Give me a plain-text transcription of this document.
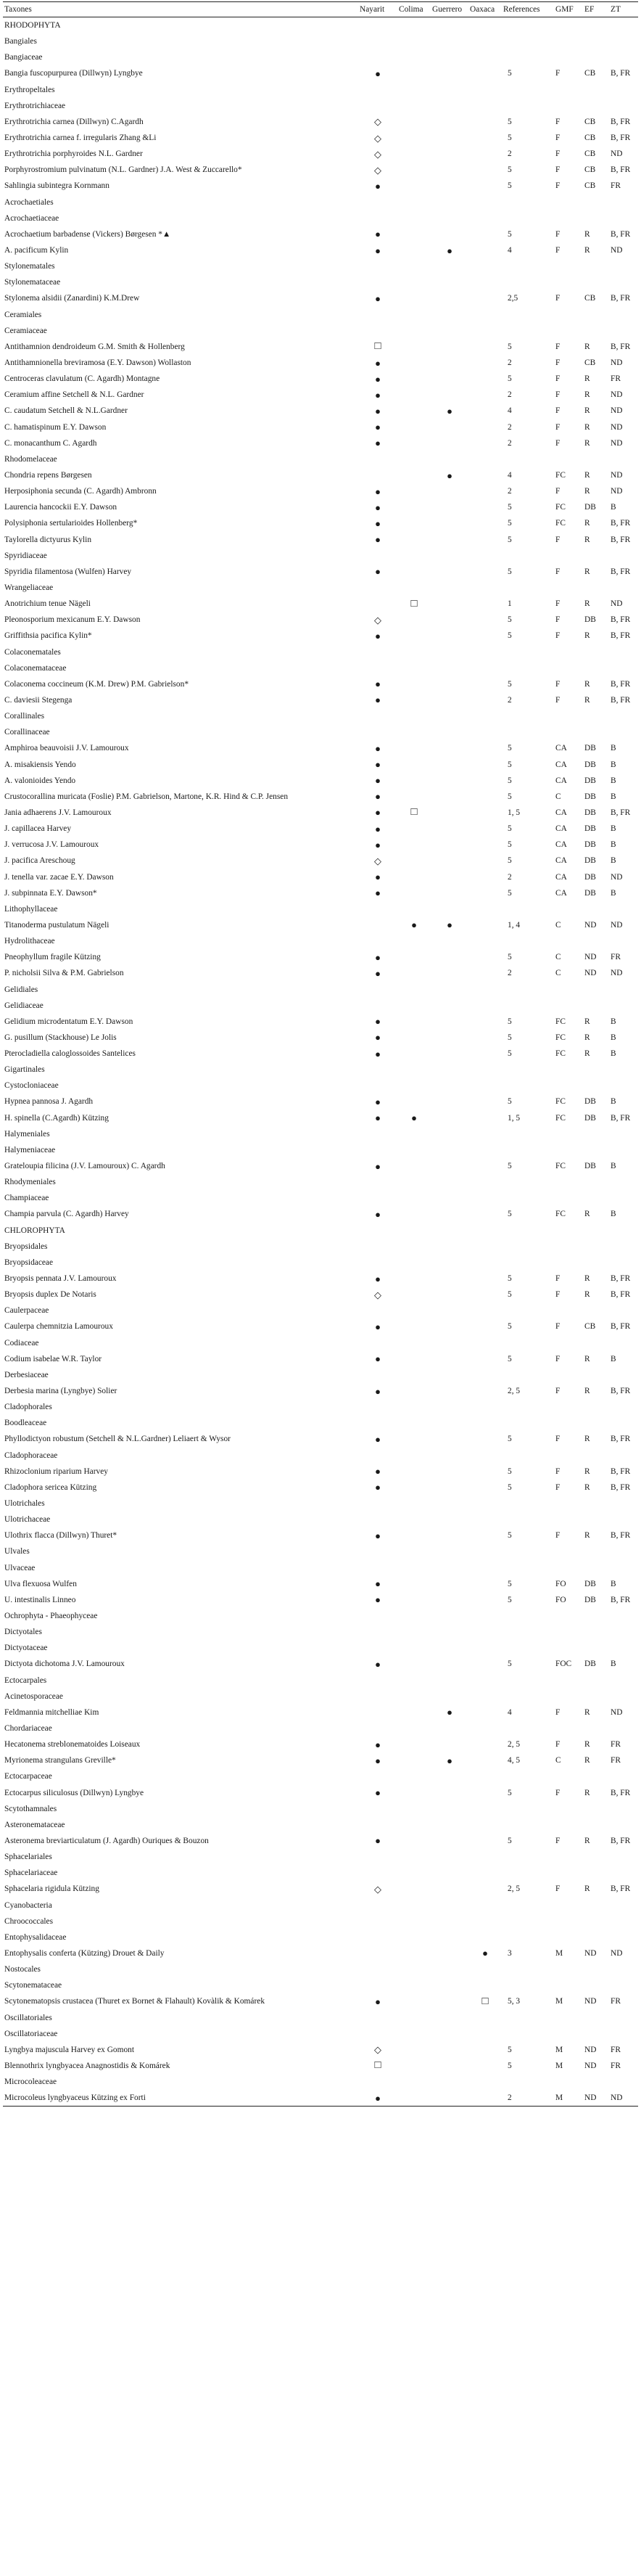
Taxones	Nayarit	Colima	Guerrero	Oaxaca	References	GMF	EF	ZT
RHODOPHYTA								
Bangiales								
Bangiaceae								
Bangia fuscopurpurea (Dillwyn) Lyngbye	●				5	F	CB	B, FR
Erythropeltales								
Erythrotrichiaceae								
Erythrotrichia carnea (Dillwyn) C.Agardh	◇				5	F	CB	B, FR
Erythrotrichia carnea f. irregularis Zhang &Li	◇				5	F	CB	B, FR
Erythrotrichia porphyroides N.L. Gardner	◇				2	F	CB	ND
Porphyrostromium pulvinatum (N.L. Gardner) J.A. West & Zuccarello*	◇				5	F	CB	B, FR
Sahlingia subintegra Kornmann	●				5	F	CB	FR
Acrochaetiales								
Acrochaetiaceae								
Acrochaetium barbadense (Vickers) Børgesen *▲	●				5	F	R	B, FR
A. pacificum Kylin	●		●		4	F	R	ND
Stylonematales								
Stylonemataceae								
Stylonema alsidii (Zanardini) K.M.Drew	●				2,5	F	CB	B, FR
Ceramiales								
Ceramiaceae								
Antithamnion dendroideum G.M. Smith & Hollenberg	□				5	F	R	B, FR
Antithamnionella breviramosa (E.Y. Dawson) Wollaston	●				2	F	CB	ND
Centroceras clavulatum (C. Agardh) Montagne	●				5	F	R	FR
Ceramium affine Setchell & N.L. Gardner	●				2	F	R	ND
C. caudatum Setchell & N.L.Gardner	●		●		4	F	R	ND
C. hamatispinum E.Y. Dawson	●				2	F	R	ND
C. monacanthum C. Agardh	●				2	F	R	ND
Rhodomelaceae								
Chondria repens Børgesen			●		4	FC	R	ND
Herposiphonia secunda (C. Agardh) Ambronn	●				2	F	R	ND
Laurencia hancockii E.Y. Dawson	●				5	FC	DB	B
Polysiphonia sertularioides Hollenberg*	●				5	FC	R	B, FR
Taylorella dictyurus Kylin	●				5	F	R	B, FR
Spyridiaceae								
Spyridia filamentosa (Wulfen) Harvey	●				5	F	R	B, FR
Wrangeliaceae								
Anotrichium tenue Nägeli		□			1	F	R	ND
Pleonosporium mexicanum E.Y. Dawson	◇				5	F	DB	B, FR
Griffithsia pacifica Kylin*	●				5	F	R	B, FR
Colaconematales								
Colaconemataceae								
Colaconema coccineum (K.M. Drew) P.M. Gabrielson*	●				5	F	R	B, FR
C. daviesii Stegenga	●				2	F	R	B, FR
Corallinales								
Corallinaceae								
Amphiroa beauvoisii J.V. Lamouroux	●				5	CA	DB	B
A. misakiensis Yendo	●				5	CA	DB	B
A. valonioides Yendo	●				5	CA	DB	B
Crustocorallina muricata (Foslie) P.M. Gabrielson, Martone, K.R. Hind & C.P. Jensen	●				5	C	DB	B
Jania adhaerens J.V. Lamouroux	●	□			1, 5	CA	DB	B, FR
J. capillacea Harvey	●				5	CA	DB	B
J. verrucosa J.V. Lamouroux	●				5	CA	DB	B
J. pacifica Areschoug	◇				5	CA	DB	B
J. tenella var. zacae E.Y. Dawson	●				2	CA	DB	ND
J. subpinnata E.Y. Dawson*	●				5	CA	DB	B
Lithophyllaceae								
Titanoderma pustulatum Nägeli		●	●		1, 4	C	ND	ND
Hydrolithaceae								
Pneophyllum fragile Kützing	●				5	C	ND	FR
P. nicholsii Silva & P.M. Gabrielson	●				2	C	ND	ND
Gelidiales								
Gelidiaceae								
Gelidium microdentatum E.Y. Dawson	●				5	FC	R	B
G. pusillum (Stackhouse) Le Jolis	●				5	FC	R	B
Pterocladiella caloglossoides Santelices	●				5	FC	R	B
Gigartinales								
Cystocloniaceae								
Hypnea pannosa J. Agardh	●				5	FC	DB	B
H. spinella (C.Agardh) Kützing	●	●			1, 5	FC	DB	B, FR
Halymeniales								
Halymeniaceae								
Grateloupia filicina (J.V. Lamouroux) C. Agardh	●				5	FC	DB	B
Rhodymeniales								
Champiaceae								
Champia parvula (C. Agardh) Harvey	●				5	FC	R	B
CHLOROPHYTA								
Bryopsidales								
Bryopsidaceae								
Bryopsis pennata J.V. Lamouroux	●				5	F	R	B, FR
Bryopsis duplex De Notaris	◇				5	F	R	B, FR
Caulerpaceae								
Caulerpa chemnitzia Lamouroux	●				5	F	CB	B, FR
Codiaceae								
Codium isabelae W.R. Taylor	●				5	F	R	B
Derbesiaceae								
Derbesia marina (Lyngbye) Solier	●				2, 5	F	R	B, FR
Cladophorales								
Boodleaceae								
Phyllodictyon robustum (Setchell & N.L.Gardner) Leliaert & Wysor	●				5	F	R	B, FR
Cladophoraceae								
Rhizoclonium riparium Harvey	●				5	F	R	B, FR
Cladophora sericea Kützing	●				5	F	R	B, FR
Ulotrichales								
Ulotrichaceae								
Ulothrix flacca (Dillwyn) Thuret*	●				5	F	R	B, FR
Ulvales								
Ulvaceae								
Ulva flexuosa Wulfen	●				5	FO	DB	B
U. intestinalis Linneo	●				5	FO	DB	B, FR
Ochrophyta - Phaeophyceae								
Dictyotales								
Dictyotaceae								
Dictyota dichotoma J.V. Lamouroux	●				5	FOC	DB	B
Ectocarpales								
Acinetosporaceae								
Feldmannia mitchelliae Kim			●		4	F	R	ND
Chordariaceae								
Hecatonema streblonematoides Loiseaux	●				2, 5	F	R	FR
Myrionema strangulans Greville*	●		●		4, 5	C	R	FR
Ectocarpaceae								
Ectocarpus siliculosus (Dillwyn) Lyngbye	●				5	F	R	B, FR
Scytothamnales								
Asteronemataceae								
Asteronema breviarticulatum (J. Agardh) Ouriques & Bouzon	●				5	F	R	B, FR
Sphacelariales								
Sphacelariaceae								
Sphacelaria rigidula Kützing	◇				2, 5	F	R	B, FR
Cyanobacteria								
Chroococcales								
Entophysalidaceae								
Entophysalis conferta (Kützing) Drouet & Daily				●	3	M	ND	ND
Nostocales								
Scytonemataceae								
Scytonematopsis crustacea (Thuret ex Bornet & Flahault) Kovàlik & Komárek	●			□	5, 3	M	ND	FR
Oscillatoriales								
Oscillatoriaceae								
Lyngbya majuscula Harvey ex Gomont	◇				5	M	ND	FR
Blennothrix lyngbyacea Anagnostidis & Komárek	□				5	M	ND	FR
Microcoleaceae								
Microcoleus lyngbyaceus Kützing ex Forti	●				2	M	ND	ND
